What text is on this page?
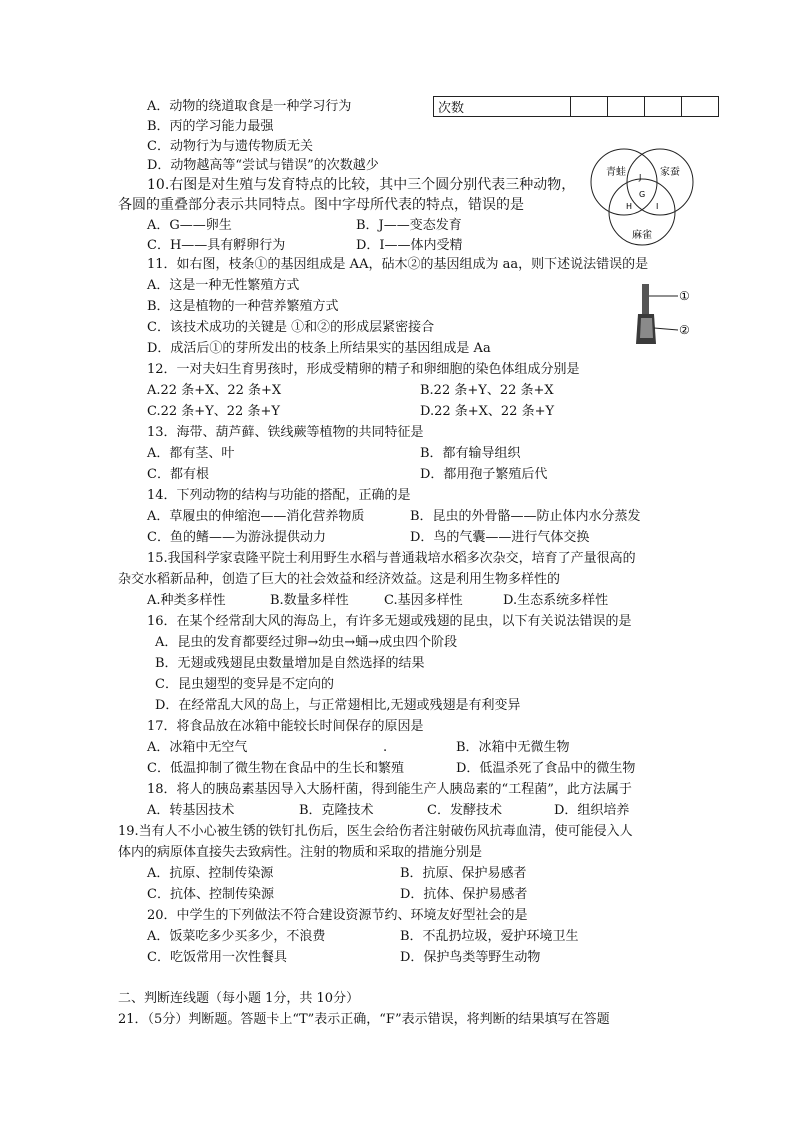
次数				
A．动物的绕道取食是一种学习行为
B．丙的学习能力最强
C．动物行为与遗传物质无关
D．动物越高等“尝试与错误”的次数越少
10.右图是对生殖与发育特点的比较，其中三个圆分别代表三种动物，
各圆的重叠部分表示共同特点。图中字母所代表的特点，错误的是
A．G——卵生	B．J——变态发育
C．H——具有孵卵行为	D．I——体内受精
11．如右图，枝条①的基因组成是 AA，砧木②的基因组成为 aa，则下述说法错误的是
A．这是一种无性繁殖方式
B．这是植物的一种营养繁殖方式
C．该技术成功的关键是 ①和②的形成层紧密接合
D．成活后①的芽所发出的枝条上所结果实的基因组成是 Aa
12．一对夫妇生育男孩时，形成受精卵的精子和卵细胞的染色体组成分别是
A.22 条+X、22 条+X	B.22 条+Y、22 条+X
C.22 条+Y、22 条+Y	D.22 条+X、22 条+Y
13．海带、葫芦藓、铁线蕨等植物的共同特征是
A．都有茎、叶	B．都有输导组织
C．都有根	D．都用孢子繁殖后代
14．下列动物的结构与功能的搭配，正确的是
A．草履虫的伸缩泡——消化营养物质	B．昆虫的外骨骼——防止体内水分蒸发
C．鱼的鳍——为游泳提供动力	D．鸟的气囊——进行气体交换
15.我国科学家袁隆平院士利用野生水稻与普通栽培水稻多次杂交，培育了产量很高的
杂交水稻新品种，创造了巨大的社会效益和经济效益。这是利用生物多样性的
A.种类多样性	B.数量多样性	C.基因多样性	D.生态系统多样性
16．在某个经常刮大风的海岛上，有许多无翅或残翅的昆虫，以下有关说法错误的是
A．昆虫的发育都要经过卵→幼虫→蛹→成虫四个阶段
B．无翅或残翅昆虫数量增加是自然选择的结果
C．昆虫翅型的变异是不定向的
D．在经常乱大风的岛上，与正常翅相比,无翅或残翅是有利变异
17．将食品放在冰箱中能较长时间保存的原因是
A．冰箱中无空气	.	B．冰箱中无微生物
C．低温抑制了微生物在食品中的生长和繁殖	D．低温杀死了食品中的微生物
18．将人的胰岛素基因导入大肠杆菌，得到能生产人胰岛素的“工程菌”，此方法属于
A．转基因技术	B．克隆技术	C．发酵技术	D．组织培养
19.当有人不小心被生锈的铁钉扎伤后，医生会给伤者注射破伤风抗毒血清，使可能侵入人
体内的病原体直接失去致病性。注射的物质和采取的措施分别是
A．抗原、控制传染源	B．抗原、保护易感者
C．抗体、控制传染源	D．抗体、保护易感者
20．中学生的下列做法不符合建设资源节约、环境友好型社会的是
A．饭菜吃多少买多少，不浪费	B．不乱扔垃圾，爱护环境卫生
C．吃饭常用一次性餐具	D．保护鸟类等野生动物
二、判断连线题（每小题 1分，共 10分）
21．（5分）判断题。答题卡上“T”表示正确，“F”表示错误，将判断的结果填写在答题
青蛙	家蚕
麻雀
J
G
H	I
①
②
